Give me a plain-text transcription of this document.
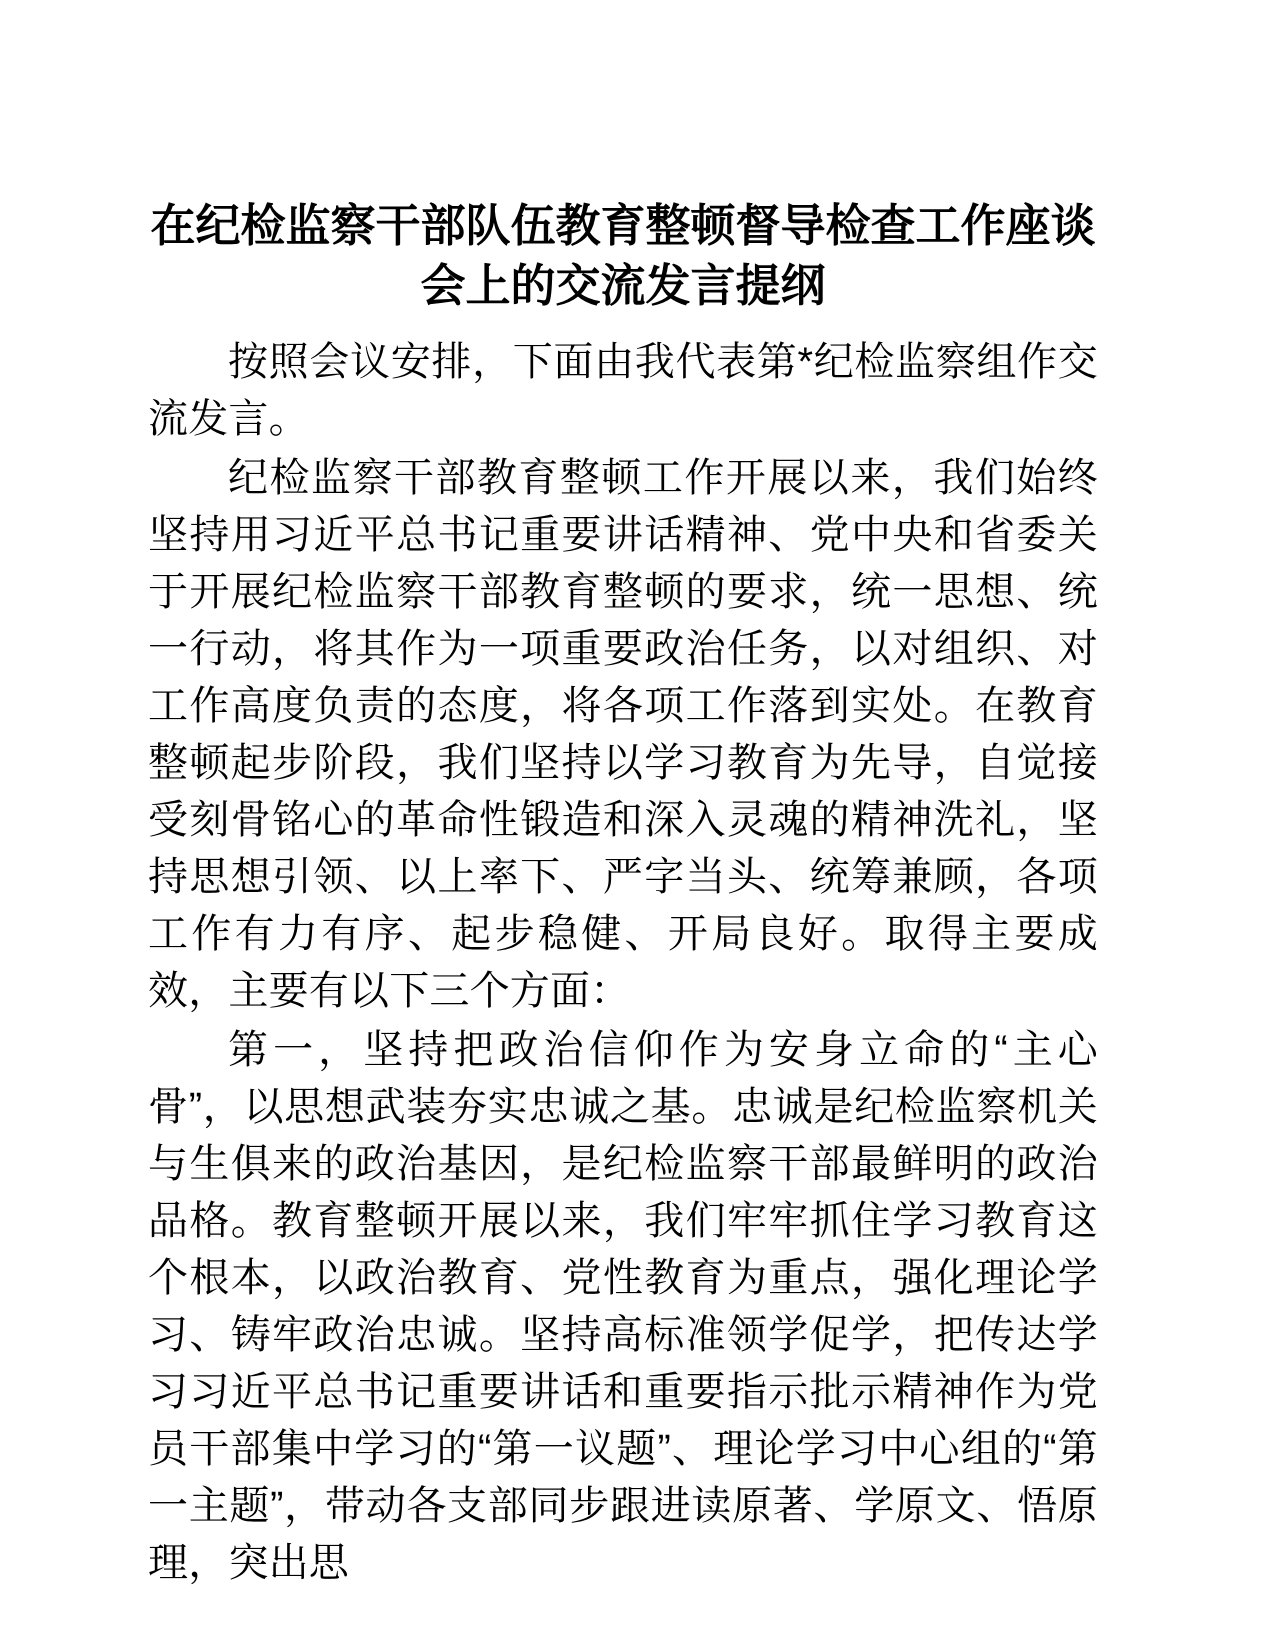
在纪检监察干部队伍教育整顿督导检查工作座谈会上的交流发言提纲

按照会议安排，下面由我代表第*纪检监察组作交流发言。

纪检监察干部教育整顿工作开展以来，我们始终坚持用习近平总书记重要讲话精神、党中央和省委关于开展纪检监察干部教育整顿的要求，统一思想、统一行动，将其作为一项重要政治任务，以对组织、对工作高度负责的态度，将各项工作落到实处。在教育整顿起步阶段，我们坚持以学习教育为先导，自觉接受刻骨铭心的革命性锻造和深入灵魂的精神洗礼，坚持思想引领、以上率下、严字当头、统筹兼顾，各项工作有力有序、起步稳健、开局良好。取得主要成效，主要有以下三个方面：

第一，坚持把政治信仰作为安身立命的“主心骨”，以思想武装夯实忠诚之基。忠诚是纪检监察机关与生俱来的政治基因，是纪检监察干部最鲜明的政治品格。教育整顿开展以来，我们牢牢抓住学习教育这个根本，以政治教育、党性教育为重点，强化理论学习、铸牢政治忠诚。坚持高标准领学促学，把传达学习习近平总书记重要讲话和重要指示批示精神作为党员干部集中学习的“第一议题”、理论学习中心组的“第一主题”，带动各支部同步跟进读原著、学原文、悟原理，突出思
